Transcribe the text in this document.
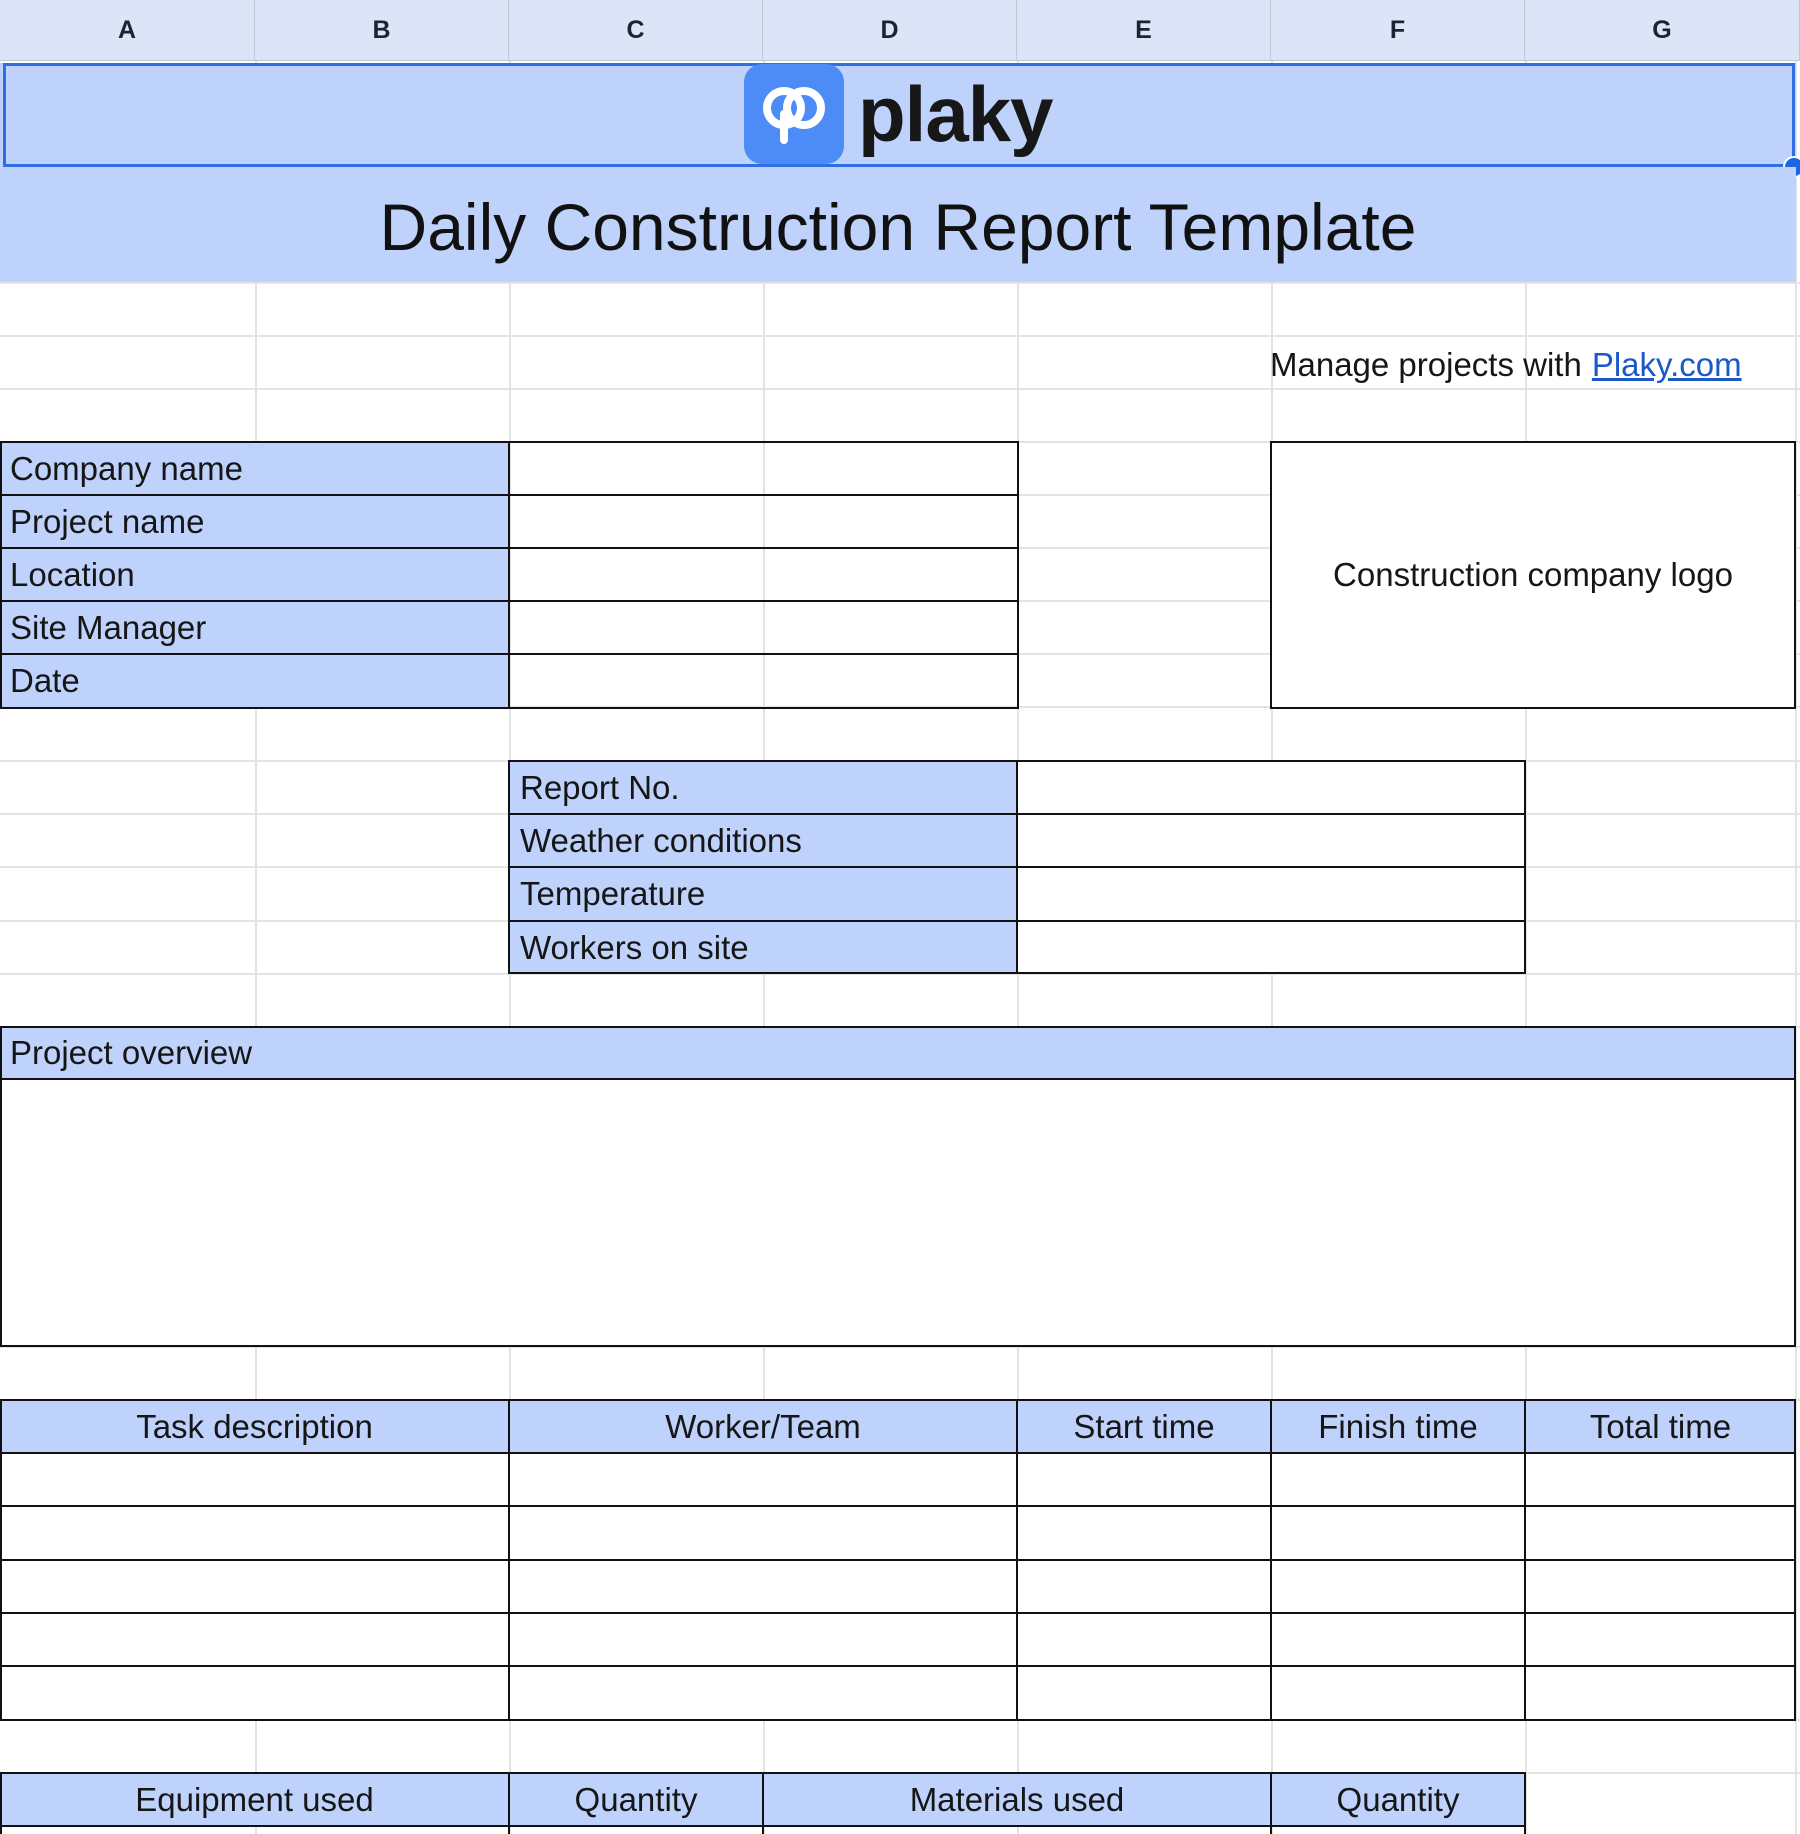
A	B	C	D	E	F	G
plaky
Daily Construction Report Template
Manage projects with Plaky.com
Company name
Project name
Location
Site Manager
Date
Construction company logo
Report No.
Weather conditions
Temperature
Workers on site
Project overview
Task description	Worker/Team	Start time	Finish time	Total time
Equipment used	Quantity	Materials used	Quantity
